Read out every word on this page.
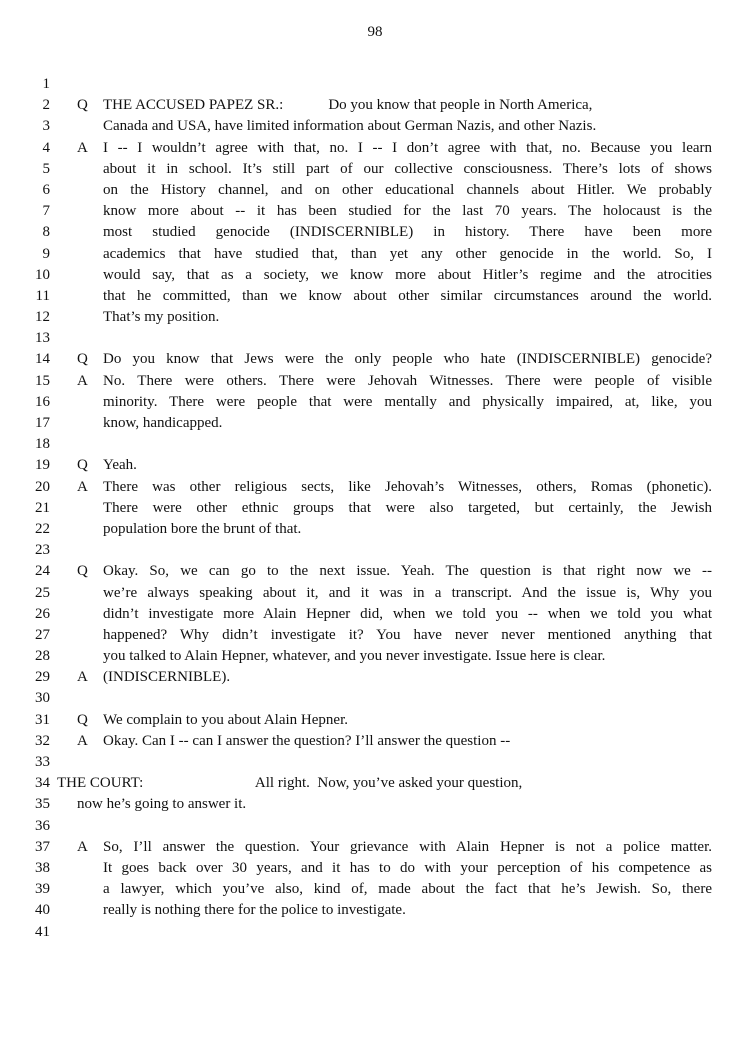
98
1
2 Q	THE ACCUSED PAPEZ SR.:            Do you know that people in North America,
3	Canada and USA, have limited information about German Nazis, and other Nazis.
4 A	I -- I wouldn’t agree with that, no. I -- I don’t agree with that, no. Because you learn
5	about it in school. It’s still part of our collective consciousness. There’s lots of shows
6	on the History channel, and on other educational channels about Hitler. We probably
7	know more about -- it has been studied for the last 70 years. The holocaust is the
8	most studied genocide (INDISCERNIBLE) in history. There have been more
9	academics that have studied that, than yet any other genocide in the world. So, I
10	would say, that as a society, we know more about Hitler’s regime and the atrocities
11	that he committed, than we know about other similar circumstances around the world.
12	That’s my position.
13
14 Q	Do you know that Jews were the only people who hate (INDISCERNIBLE) genocide?
15 A	No. There were others. There were Jehovah Witnesses. There were people of visible
16	minority. There were people that were mentally and physically impaired, at, like, you
17	know, handicapped.
18
19 Q	Yeah.
20 A	There was other religious sects, like Jehovah’s Witnesses, others, Romas (phonetic).
21	There were other ethnic groups that were also targeted, but certainly, the Jewish
22	population bore the brunt of that.
23
24 Q	Okay. So, we can go to the next issue. Yeah. The question is that right now we --
25	we’re always speaking about it, and it was in a transcript. And the issue is, Why you
26	didn’t investigate more Alain Hepner did, when we told you -- when we told you what
27	happened? Why didn’t investigate it? You have never never mentioned anything that
28	you talked to Alain Hepner, whatever, and you never investigate. Issue here is clear.
29 A	(INDISCERNIBLE).
30
31 Q	We complain to you about Alain Hepner.
32 A	Okay. Can I -- can I answer the question? I’ll answer the question --
33
34 THE COURT:                              All right.  Now, you’ve asked your question,
35 now he’s going to answer it.
36
37 A	So, I’ll answer the question. Your grievance with Alain Hepner is not a police matter.
38	It goes back over 30 years, and it has to do with your perception of his competence as
39	a lawyer, which you’ve also, kind of, made about the fact that he’s Jewish. So, there
40	really is nothing there for the police to investigate.
41
